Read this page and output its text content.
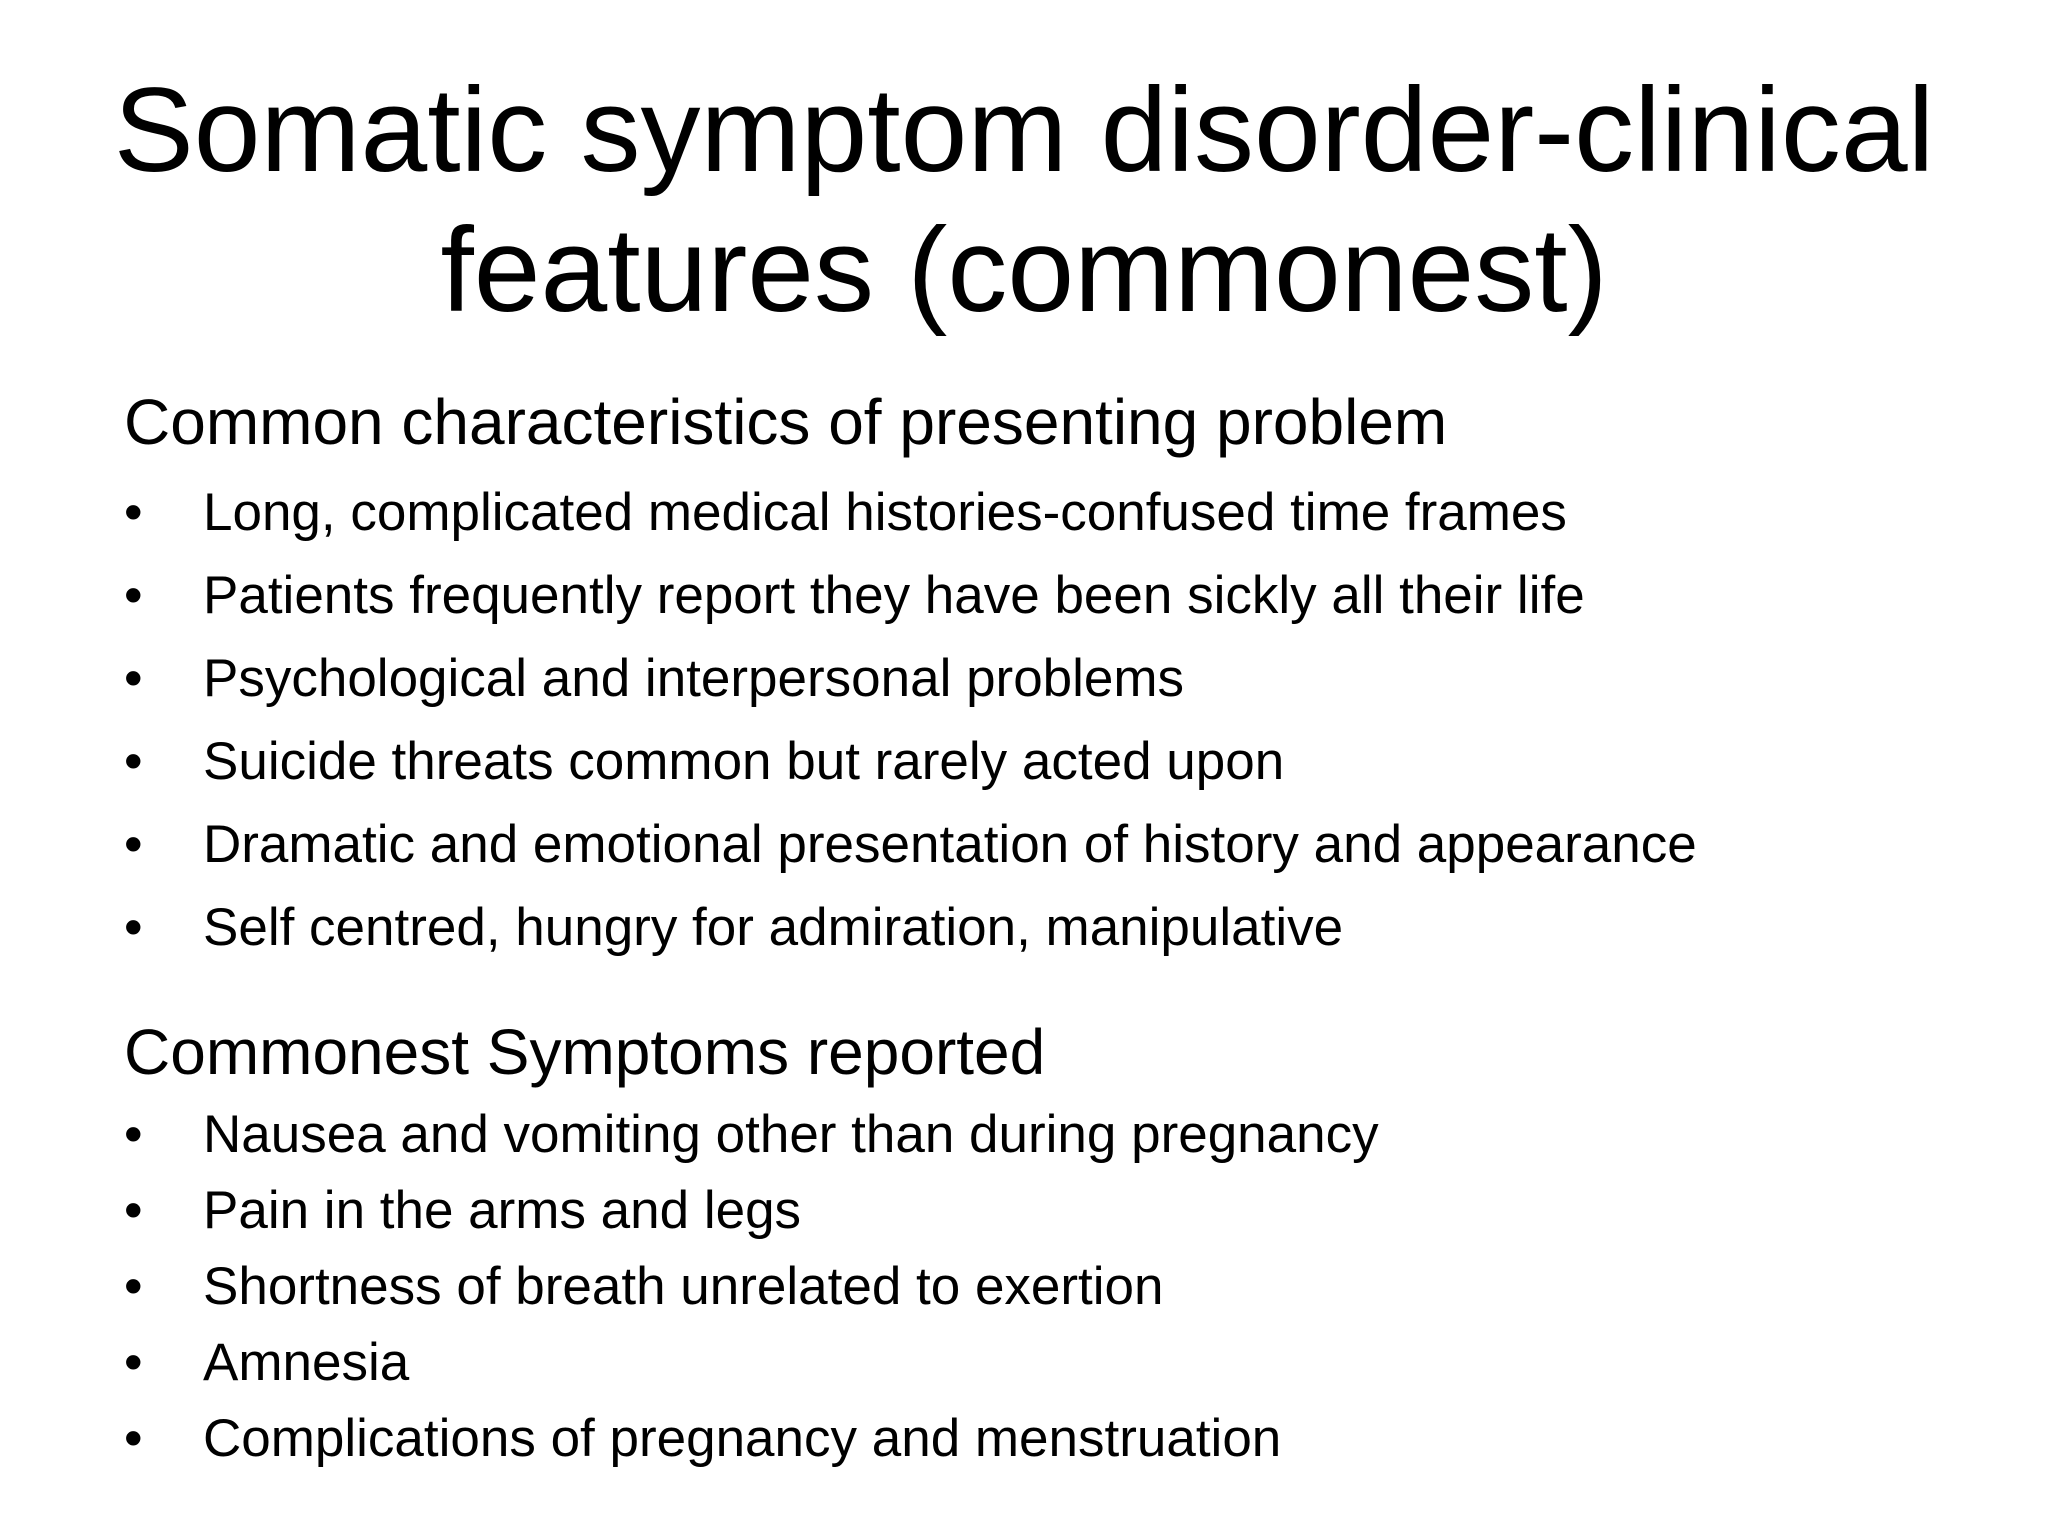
Somatic symptom disorder-clinical
features (commonest)
Common characteristics of presenting problem
• Long, complicated medical histories-confused time frames
• Patients frequently report they have been sickly all their life
• Psychological and interpersonal problems
• Suicide threats common but rarely acted upon
• Dramatic and emotional presentation of history and appearance
• Self centred, hungry for admiration, manipulative
Commonest Symptoms reported
• Nausea and vomiting other than during pregnancy
• Pain in the arms and legs
• Shortness of breath unrelated to exertion
• Amnesia
• Complications of pregnancy and menstruation
